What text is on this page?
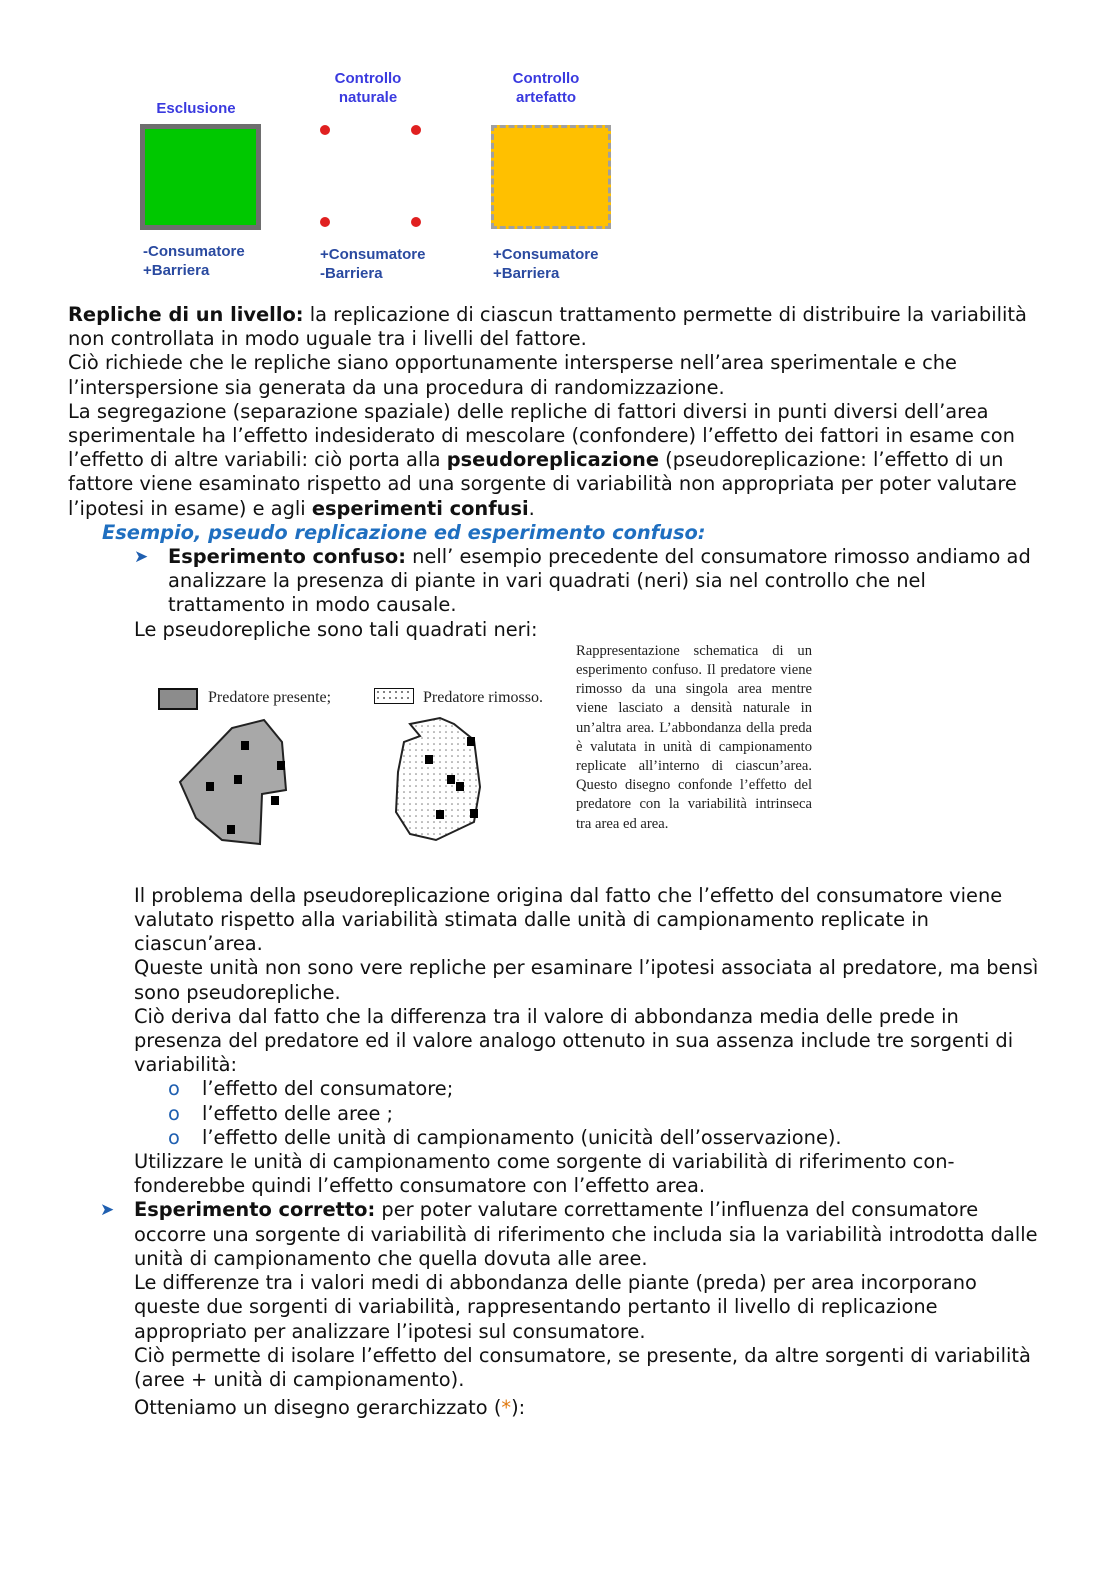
Esclusione
-Consumatore
+Barriera
Controllo
naturale
+Consumatore
-Barriera
Controllo
artefatto
+Consumatore
+Barriera

Repliche di un livello: la replicazione di ciascun trattamento permette di distribuire la variabilità non controllata in modo uguale tra i livelli del fattore.

Ciò richiede che le repliche siano opportunamente intersperse nell’area sperimentale e che l’interspersione sia generata da una procedura di randomizzazione.

La segregazione (separazione spaziale) delle repliche di fattori diversi in punti diversi dell’area sperimentale ha l’effetto indesiderato di mescolare (confondere) l’effetto dei fattori in esame con l’effetto di altre variabili: ciò porta alla pseudoreplicazione (pseudoreplicazione: l’effetto di un fattore viene esaminato rispetto ad una sorgente di variabilità non appropriata per poter valutare l’ipotesi in esame) e agli esperimenti confusi.

Esempio, pseudo replicazione ed esperimento confuso:

➤ Esperimento confuso: nell’ esempio precedente del consumatore rimosso andiamo ad analizzare la presenza di piante in vari quadrati (neri) sia nel controllo che nel trattamento in modo causale.

Le pseudorepliche sono tali quadrati neri:

Predatore presente;	Predatore rimosso.
Rappresentazione schematica di un esperimento confuso. Il predatore viene rimosso da una singola area mentre viene lasciato a densità naturale in un’altra area. L’abbondanza della preda è valutata in unità di campionamento replicate all’interno di ciascun’area. Questo disegno confonde l’effetto del predatore con la variabilità intrinseca tra area ed area.

Il problema della pseudoreplicazione origina dal fatto che l’effetto del consumatore viene valutato rispetto alla variabilità stimata dalle unità di campionamento replicate in ciascun’area.

Queste unità non sono vere repliche per esaminare l’ipotesi associata al predatore, ma bensì sono pseudorepliche.

Ciò deriva dal fatto che la differenza tra il valore di abbondanza media delle prede in presenza del predatore ed il valore analogo ottenuto in sua assenza include tre sorgenti di variabilità:

o l’effetto del consumatore;

o l’effetto delle aree ;

o l’effetto delle unità di campionamento (unicità dell’osservazione).

Utilizzare le unità di campionamento come sorgente di variabilità di riferimento con-fonderebbe quindi l’effetto consumatore con l’effetto area.

➤ Esperimento corretto: per poter valutare correttamente l’influenza del consumatore occorre una sorgente di variabilità di riferimento che includa sia la variabilità introdotta dalle unità di campionamento che quella dovuta alle aree.

Le differenze tra i valori medi di abbondanza delle piante (preda) per area incorporano queste due sorgenti di variabilità, rappresentando pertanto il livello di replicazione appropriato per analizzare l’ipotesi sul consumatore.

Ciò permette di isolare l’effetto del consumatore, se presente, da altre sorgenti di variabilità (aree + unità di campionamento).

Otteniamo un disegno gerarchizzato (*):
